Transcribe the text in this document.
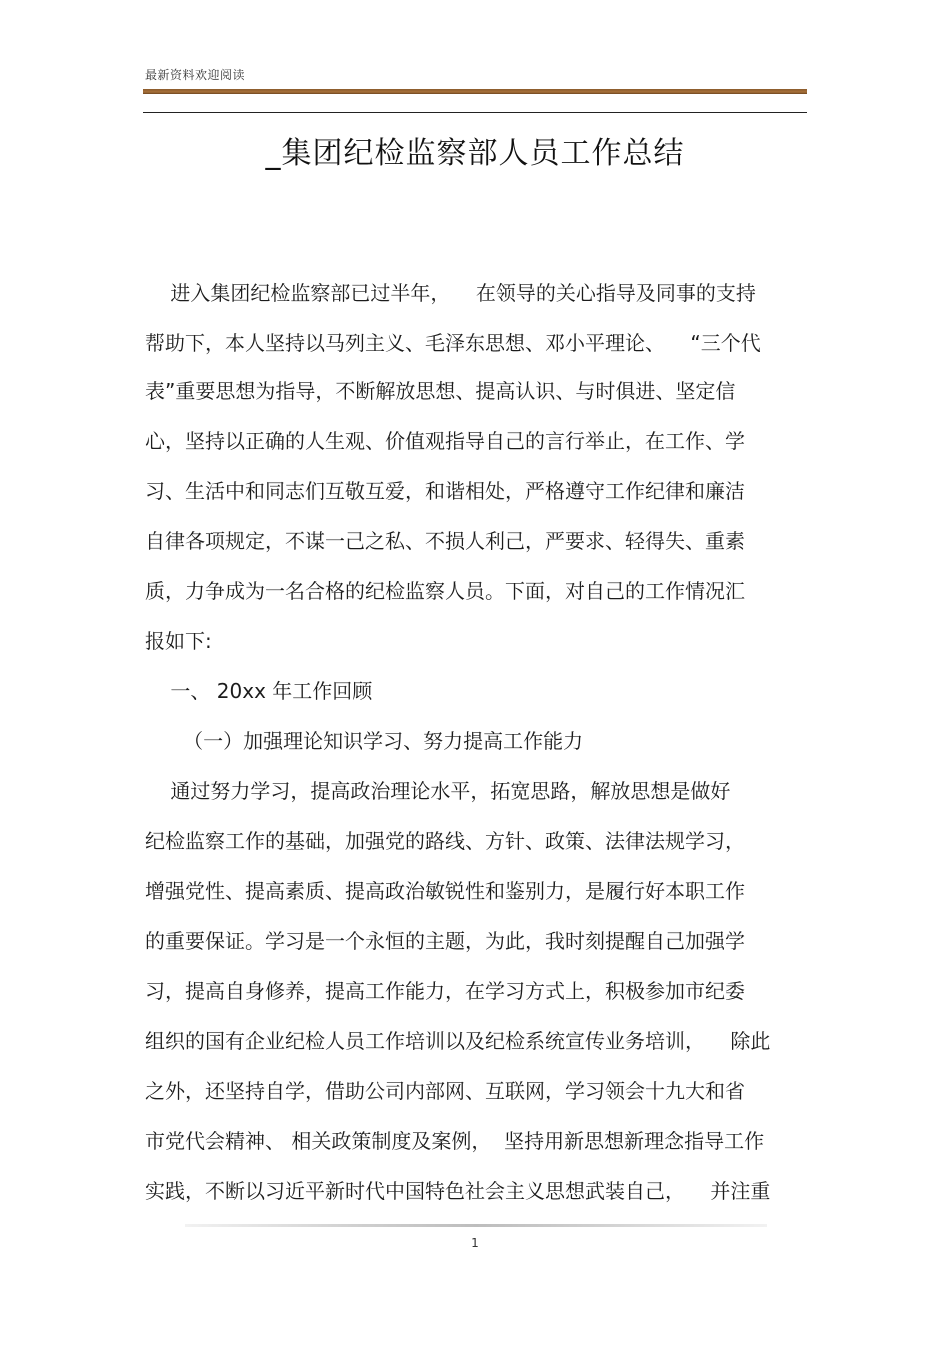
最新资料欢迎阅读
_集团纪检监察部人员工作总结
进入集团纪检监察部已过半年，    在领导的关心指导及同事的支持
帮助下，本人坚持以马列主义、毛泽东思想、邓小平理论、    “三个代
表”重要思想为指导，不断解放思想、提高认识、与时俱进、坚定信
心，坚持以正确的人生观、价值观指导自己的言行举止，在工作、学
习、生活中和同志们互敬互爱，和谐相处，严格遵守工作纪律和廉洁
自律各项规定，不谋一己之私、不损人利己，严要求、轻得失、重素
质，力争成为一名合格的纪检监察人员。下面，对自己的工作情况汇
报如下:
一、 20xx 年工作回顾
（一）加强理论知识学习、努力提高工作能力
通过努力学习，提高政治理论水平，拓宽思路，解放思想是做好
纪检监察工作的基础，加强党的路线、方针、政策、法律法规学习，
增强党性、提高素质、提高政治敏锐性和鉴别力，是履行好本职工作
的重要保证。学习是一个永恒的主题，为此，我时刻提醒自己加强学
习，提高自身修养，提高工作能力，在学习方式上，积极参加市纪委
组织的国有企业纪检人员工作培训以及纪检系统宣传业务培训，    除此
之外，还坚持自学，借助公司内部网、互联网，学习领会十九大和省
市党代会精神、 相关政策制度及案例，  坚持用新思想新理念指导工作
实践，不断以习近平新时代中国特色社会主义思想武装自己，    并注重
1
